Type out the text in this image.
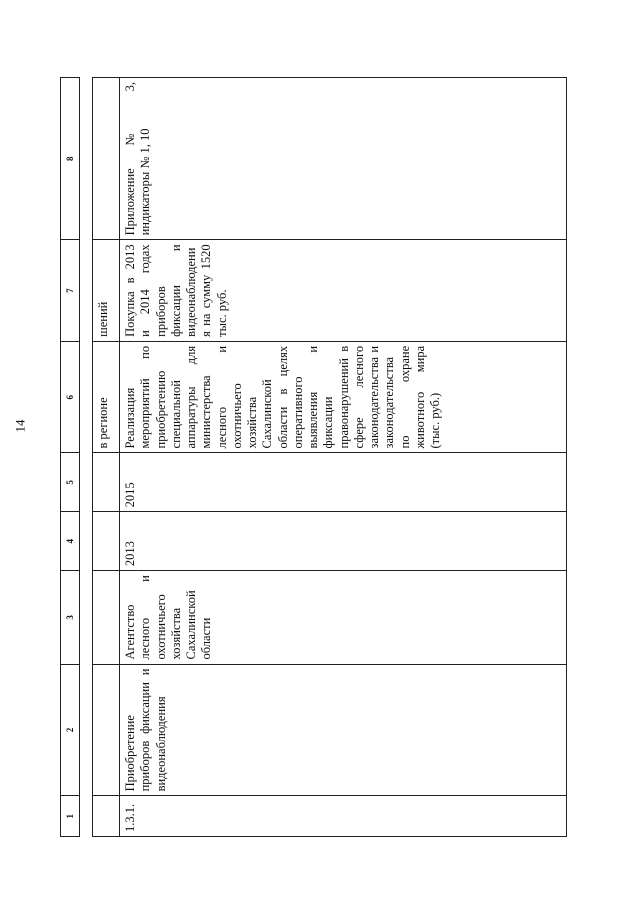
14
1	2	3	4	5	6	7	8

					в регионе	шений	
1.3.1.	Приобретение приборов фиксации и видеонаблюдения	Агентство лесного и охотничьего хозяйства Сахалинской области	2013	2015	Реализация мероприятий по приобретению специальной аппаратуры для министерства лесного и охотничьего хозяйства Сахалинской области в целях оперативного выявления и фиксации правонарушений в сфере лесного законодательства и законодательства по охране животного мира (тыс. руб.)	Покупка в 2013 и 2014 годах приборов фиксации и видеонаблюдения на сумму 1520 тыс. руб.	Приложение № 3, индикаторы № 1, 10
